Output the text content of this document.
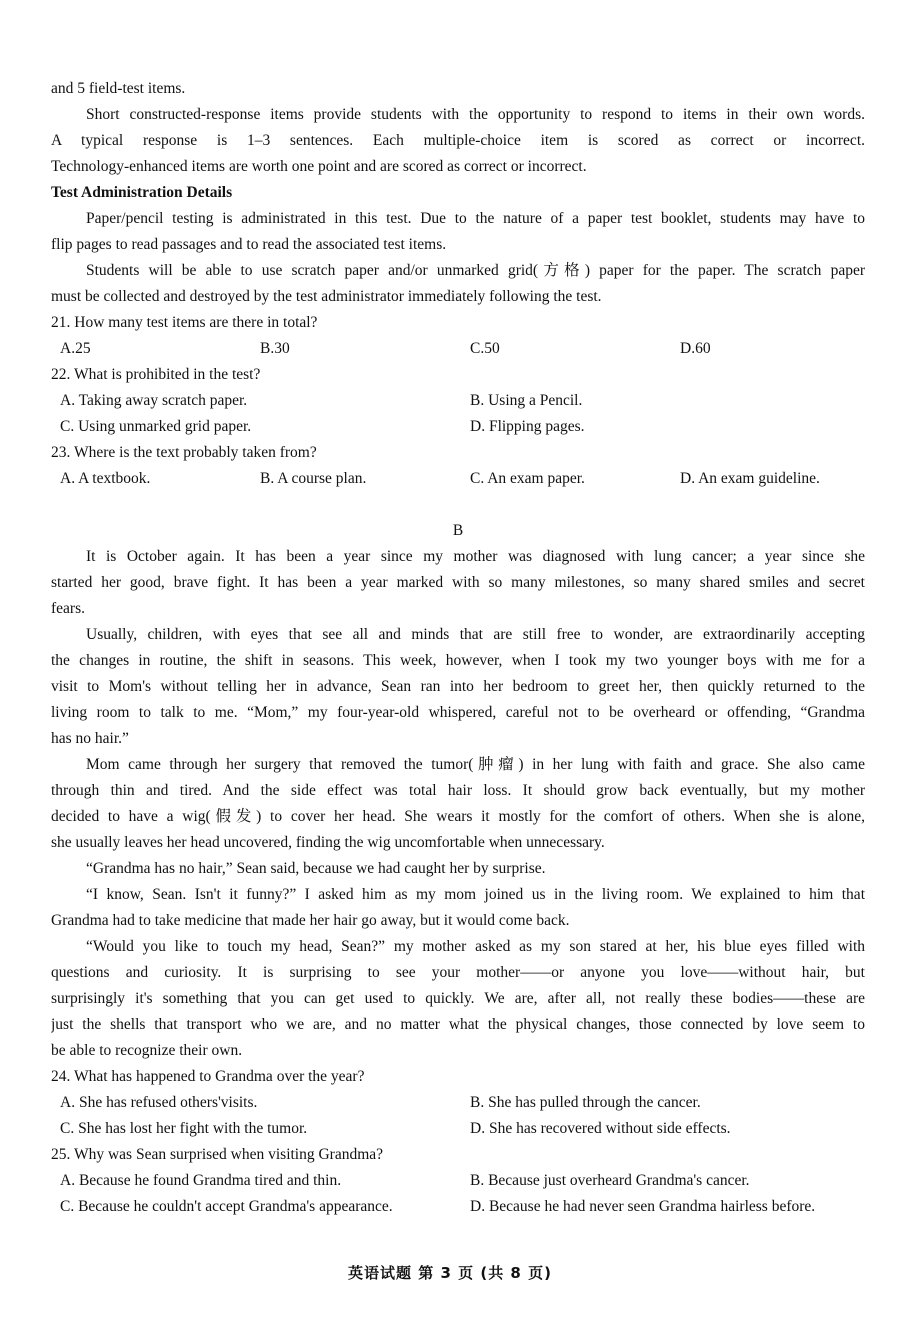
and 5 field-test items.
Short constructed-response items provide students with the opportunity to respond to items in their own words.
A typical response is 1–3 sentences. Each multiple-choice item is scored as correct or incorrect.
Technology-enhanced items are worth one point and are scored as correct or incorrect.
Test Administration Details
Paper/pencil testing is administrated in this test. Due to the nature of a paper test booklet, students may have to
flip pages to read passages and to read the associated test items.
Students will be able to use scratch paper and/or unmarked grid(方格) paper for the paper. The scratch paper
must be collected and destroyed by the test administrator immediately following the test.
21. How many test items are there in total?
A.25	B.30	C.50	D.60
22. What is prohibited in the test?
A. Taking away scratch paper.	B. Using a Pencil.
C. Using unmarked grid paper.	D. Flipping pages.
23. Where is the text probably taken from?
A. A textbook.	B. A course plan.	C. An exam paper.	D. An exam guideline.
B
It is October again. It has been a year since my mother was diagnosed with lung cancer; a year since she
started her good, brave fight. It has been a year marked with so many milestones, so many shared smiles and secret
fears.
Usually, children, with eyes that see all and minds that are still free to wonder, are extraordinarily accepting
the changes in routine, the shift in seasons. This week, however, when I took my two younger boys with me for a
visit to Mom's without telling her in advance, Sean ran into her bedroom to greet her, then quickly returned to the
living room to talk to me. “Mom,” my four-year-old whispered, careful not to be overheard or offending, “Grandma
has no hair.”
Mom came through her surgery that removed the tumor(肿瘤) in her lung with faith and grace. She also came
through thin and tired. And the side effect was total hair loss. It should grow back eventually, but my mother
decided to have a wig(假发) to cover her head. She wears it mostly for the comfort of others. When she is alone,
she usually leaves her head uncovered, finding the wig uncomfortable when unnecessary.
“Grandma has no hair,” Sean said, because we had caught her by surprise.
“I know, Sean. Isn't it funny?” I asked him as my mom joined us in the living room. We explained to him that
Grandma had to take medicine that made her hair go away, but it would come back.
“Would you like to touch my head, Sean?” my mother asked as my son stared at her, his blue eyes filled with
questions and curiosity. It is surprising to see your mother——or anyone you love——without hair, but
surprisingly it's something that you can get used to quickly. We are, after all, not really these bodies——these are
just the shells that transport who we are, and no matter what the physical changes, those connected by love seem to
be able to recognize their own.
24. What has happened to Grandma over the year?
A. She has refused others'visits.	B. She has pulled through the cancer.
C. She has lost her fight with the tumor.	D. She has recovered without side effects.
25. Why was Sean surprised when visiting Grandma?
A. Because he found Grandma tired and thin.	B. Because just overheard Grandma's cancer.
C. Because he couldn't accept Grandma's appearance.	D. Because he had never seen Grandma hairless before.
英语试题 第 3 页 (共 8 页)
